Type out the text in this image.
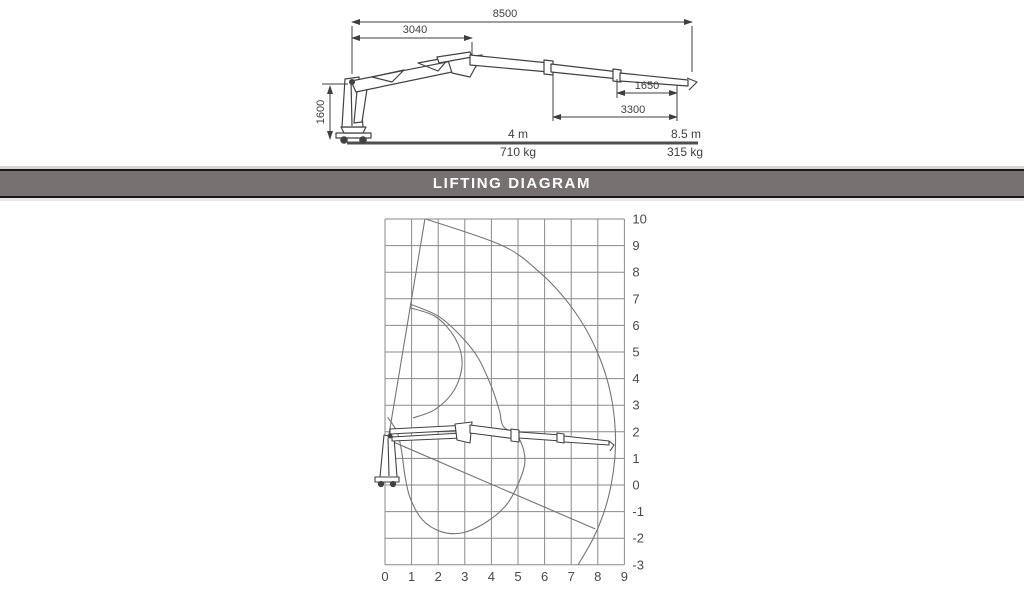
8500
3040
1600
1650
3300
4 m
710 kg
8.5 m
315 kg
LIFTING DIAGRAM
0 1 2 3 4 5 6 7 8 9
10
9
8
7
6
5
4
3
2
1
0
-1
-2
-3
